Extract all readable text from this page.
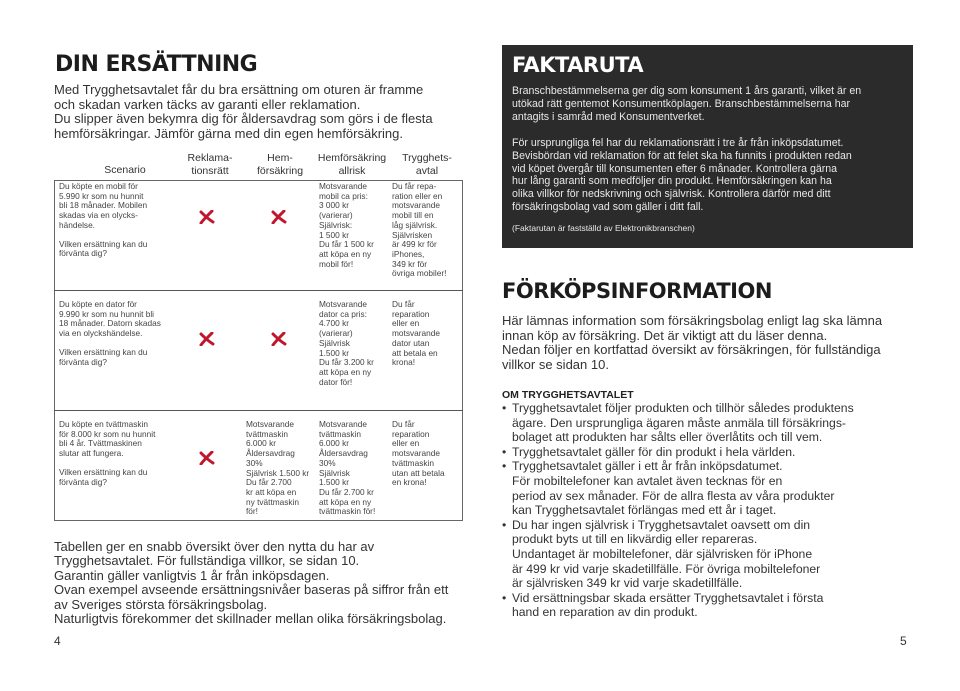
DIN ERSÄTTNING
Med Trygghetsavtalet får du bra ersättning om oturen är framme
och skadan varken täcks av garanti eller reklamation.
Du slipper även bekymra dig för åldersavdrag som görs i de flesta
hemförsäkringar. Jämför gärna med din egen hemförsäkring.
Scenario
Reklama-
tionsrätt
Hem-
försäkring
Hemförsäkring
allrisk
Trygghets-
avtal
Du köpte en mobil för
5.990 kr som nu hunnit
bli 18 månader. Mobilen
skadas via en olycks-
händelse.
Vilken ersättning kan du
förvänta dig?
Motsvarande
mobil ca pris:
3 000 kr
(varierar)
Självrisk:
1 500 kr
Du får 1 500 kr
att köpa en ny
mobil för!
Du får repa-
ration eller en
motsvarande
mobil till en
låg självrisk.
Självrisken
är 499 kr för
iPhones,
349 kr för
övriga mobiler!
Du köpte en dator för
9.990 kr som nu hunnit bli
18 månader. Datorn skadas
via en olyckshändelse.
Vilken ersättning kan du
förvänta dig?
Motsvarande
dator ca pris:
4.700 kr
(varierar)
Självrisk
1.500 kr
Du får 3.200 kr
att köpa en ny
dator för!
Du får
reparation
eller en
motsvarande
dator utan
att betala en
krona!
Du köpte en tvättmaskin
för 8.000 kr som nu hunnit
bli 4 år. Tvättmaskinen
slutar att fungera.
Vilken ersättning kan du
förvänta dig?
Motsvarande
tvättmaskin
6.000 kr
Åldersavdrag
30%
Självrisk 1.500 kr
Du får 2.700
kr att köpa en
ny tvättmaskin
för!
Motsvarande
tvättmaskin
6.000 kr
Åldersavdrag
30%
Självrisk
1.500 kr
Du får 2.700 kr
att köpa en ny
tvättmaskin för!
Du får
reparation
eller en
motsvarande
tvättmaskin
utan att betala
en krona!
Tabellen ger en snabb översikt över den nytta du har av
Trygghetsavtalet. För fullständiga villkor, se sidan 10.
Garantin gäller vanligtvis 1 år från inköpsdagen.
Ovan exempel avseende ersättningsnivåer baseras på siffror från ett
av Sveriges största försäkringsbolag.
Naturligtvis förekommer det skillnader mellan olika försäkringsbolag.
4
FAKTARUTA
Branschbestämmelserna ger dig som konsument 1 års garanti, vilket är en
utökad rätt gentemot Konsumentköplagen. Branschbestämmelserna har
antagits i samråd med Konsumentverket.
För ursprungliga fel har du reklamationsrätt i tre år från inköpsdatumet.
Bevisbördan vid reklamation för att felet ska ha funnits i produkten redan
vid köpet övergår till konsumenten efter 6 månader. Kontrollera gärna
hur lång garanti som medföljer din produkt. Hemförsäkringen kan ha
olika villkor för nedskrivning och självrisk. Kontrollera därför med ditt
försäkringsbolag vad som gäller i ditt fall.
(Faktarutan är fastställd av Elektronikbranschen)
FÖRKÖPSINFORMATION
Här lämnas information som försäkringsbolag enligt lag ska lämna
innan köp av försäkring. Det är viktigt att du läser denna.
Nedan följer en kortfattad översikt av försäkringen, för fullständiga
villkor se sidan 10.
OM TRYGGHETSAVTALET
• Trygghetsavtalet följer produkten och tillhör således produktens
ägare. Den ursprungliga ägaren måste anmäla till försäkrings-
bolaget att produkten har sålts eller överlåtits och till vem.
• Trygghetsavtalet gäller för din produkt i hela världen.
• Trygghetsavtalet gäller i ett år från inköpsdatumet.
För mobiltelefoner kan avtalet även tecknas för en
period av sex månader. För de allra flesta av våra produkter
kan Trygghetsavtalet förlängas med ett år i taget.
• Du har ingen självrisk i Trygghetsavtalet oavsett om din
produkt byts ut till en likvärdig eller repareras.
Undantaget är mobiltelefoner, där självrisken för iPhone
är 499 kr vid varje skadetillfälle. För övriga mobiltelefoner
är självrisken 349 kr vid varje skadetillfälle.
• Vid ersättningsbar skada ersätter Trygghetsavtalet i första
hand en reparation av din produkt.
5
